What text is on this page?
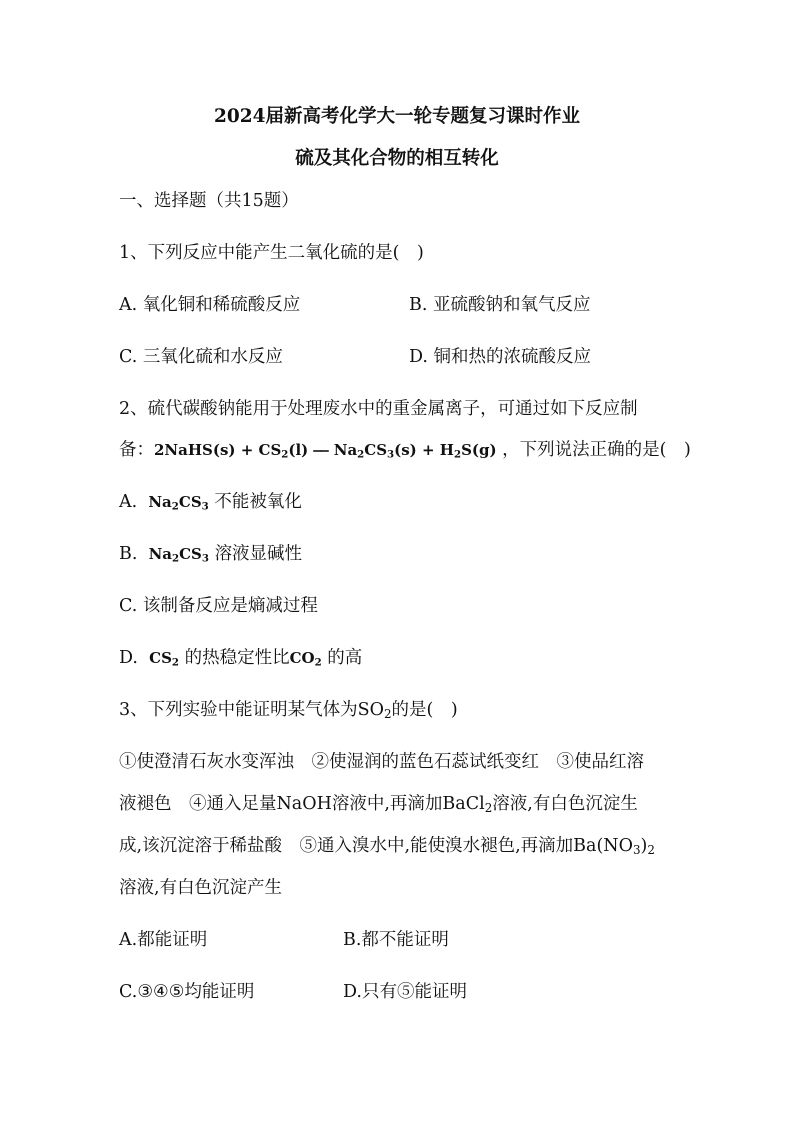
2024届新高考化学大一轮专题复习课时作业
硫及其化合物的相互转化
一、选择题（共15题）
1、下列反应中能产生二氧化硫的是(　)
A. 氧化铜和稀硫酸反应	B. 亚硫酸钠和氧气反应
C. 三氧化硫和水反应	D. 铜和热的浓硫酸反应
2、硫代碳酸钠能用于处理废水中的重金属离子，可通过如下反应制
备：2NaHS(s) + $CS_2(l)$ ⎯⎯ $Na_2CS_3(s) + H_2S(g)$ ，下列说法正确的是(　)
A. $Na_2CS_3$ 不能被氧化
B. $Na_2CS_3$ 溶液显碱性
C. 该制备反应是熵减过程
D. $CS_2$ 的热稳定性比$CO_2$ 的高
3、下列实验中能证明某气体为$SO_2$的是(　)
①使澄清石灰水变浑浊　②使湿润的蓝色石蕊试纸变红　③使品红溶
液褪色　④通入足量NaOH溶液中,再滴加BaCl$_2$溶液,有白色沉淀生
成,该沉淀溶于稀盐酸　⑤通入溴水中,能使溴水褪色,再滴加$Ba(NO_3)_2$
溶液,有白色沉淀产生
A.都能证明	B.都不能证明
C.③④⑤均能证明	D.只有⑤能证明
